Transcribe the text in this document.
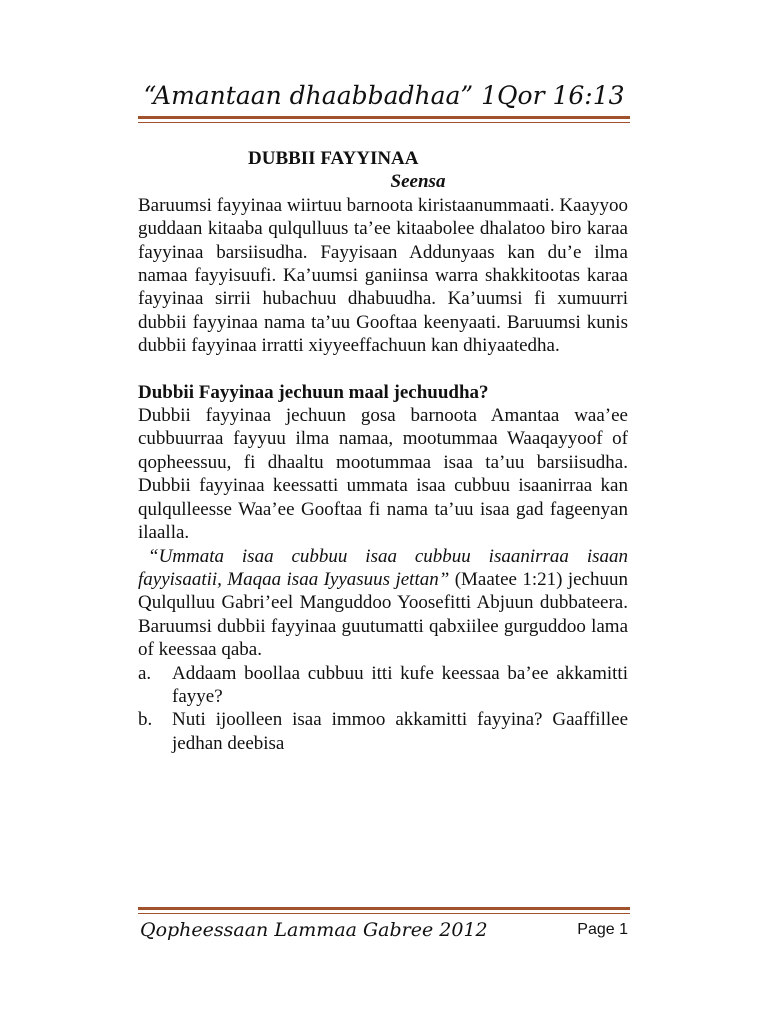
“Amantaan dhaabbadhaa” 1Qor 16:13
DUBBII FAYYINAA
Seensa

Baruumsi fayyinaa wiirtuu barnoota kiristaanummaati. Kaayyoo guddaan kitaaba qulqulluus ta’ee kitaabolee dhalatoo biro karaa fayyinaa barsiisudha. Fayyisaan Addunyaas kan du’e ilma namaa fayyisuufi. Ka’uumsi ganiinsa warra shakkitootas karaa fayyinaa sirrii hubachuu dhabuudha. Ka’uumsi fi xumuurri dubbii fayyinaa nama ta’uu Gooftaa keenyaati. Baruumsi kunis dubbii fayyinaa irratti xiyyeeffachuun kan dhiyaatedha.

Dubbii Fayyinaa jechuun maal jechuudha?

Dubbii fayyinaa jechuun gosa barnoota Amantaa waa’ee cubbuurraa fayyuu ilma namaa, mootummaa Waaqayyoof of qopheessuu, fi dhaaltu mootummaa isaa ta’uu barsiisudha. Dubbii fayyinaa keessatti ummata isaa cubbuu isaanirraa kan qulqulleesse Waa’ee Gooftaa fi nama ta’uu isaa gad fageenyan ilaalla.

“Ummata isaa cubbuu isaa cubbuu isaanirraa isaan fayyisaatii, Maqaa isaa Iyyasuus jettan” (Maatee 1:21) jechuun Qulqulluu Gabri’eel Manguddoo Yoosefitti Abjuun dubbateera. Baruumsi dubbii fayyinaa guutumatti qabxiilee gurguddoo lama of keessaa qaba.

a. Addaam boollaa cubbuu itti kufe keessaa ba’ee akkamitti fayye?
b. Nuti ijoolleen isaa immoo akkamitti fayyina? Gaaffillee jedhan deebisa
Qopheessaan Lammaa Gabree 2012	Page 1
